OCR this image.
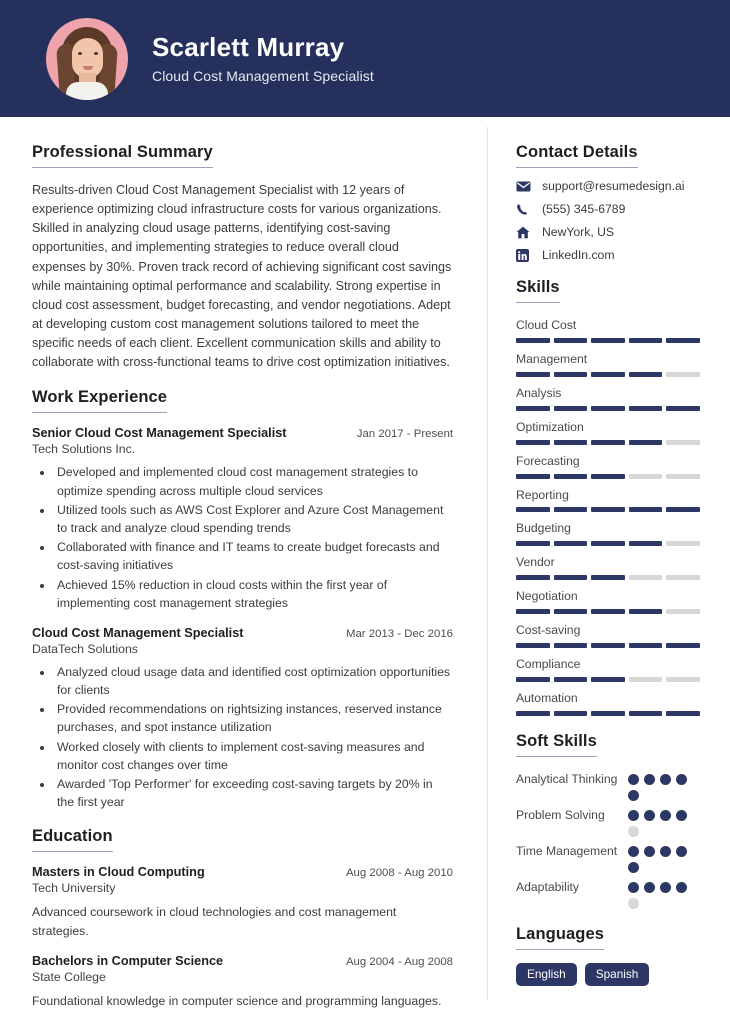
Scarlett Murray
Cloud Cost Management Specialist
Professional Summary
Results-driven Cloud Cost Management Specialist with 12 years of experience optimizing cloud infrastructure costs for various organizations. Skilled in analyzing cloud usage patterns, identifying cost-saving opportunities, and implementing strategies to reduce overall cloud expenses by 30%. Proven track record of achieving significant cost savings while maintaining optimal performance and scalability. Strong expertise in cloud cost assessment, budget forecasting, and vendor negotiations. Adept at developing custom cost management solutions tailored to meet the specific needs of each client. Excellent communication skills and ability to collaborate with cross-functional teams to drive cost optimization initiatives.
Work Experience
Senior Cloud Cost Management Specialist	Jan 2017 - Present
Tech Solutions Inc.
• Developed and implemented cloud cost management strategies to optimize spending across multiple cloud services
• Utilized tools such as AWS Cost Explorer and Azure Cost Management to track and analyze cloud spending trends
• Collaborated with finance and IT teams to create budget forecasts and cost-saving initiatives
• Achieved 15% reduction in cloud costs within the first year of implementing cost management strategies
Cloud Cost Management Specialist	Mar 2013 - Dec 2016
DataTech Solutions
• Analyzed cloud usage data and identified cost optimization opportunities for clients
• Provided recommendations on rightsizing instances, reserved instance purchases, and spot instance utilization
• Worked closely with clients to implement cost-saving measures and monitor cost changes over time
• Awarded 'Top Performer' for exceeding cost-saving targets by 20% in the first year
Education
Masters in Cloud Computing	Aug 2008 - Aug 2010
Tech University
Advanced coursework in cloud technologies and cost management strategies.
Bachelors in Computer Science	Aug 2004 - Aug 2008
State College
Foundational knowledge in computer science and programming languages.
Contact Details
support@resumedesign.ai
(555) 345-6789
NewYork, US
LinkedIn.com
Skills
Cloud Cost
Management
Analysis
Optimization
Forecasting
Reporting
Budgeting
Vendor
Negotiation
Cost-saving
Compliance
Automation
Soft Skills
Analytical Thinking
Problem Solving
Time Management
Adaptability
Languages
English	Spanish
